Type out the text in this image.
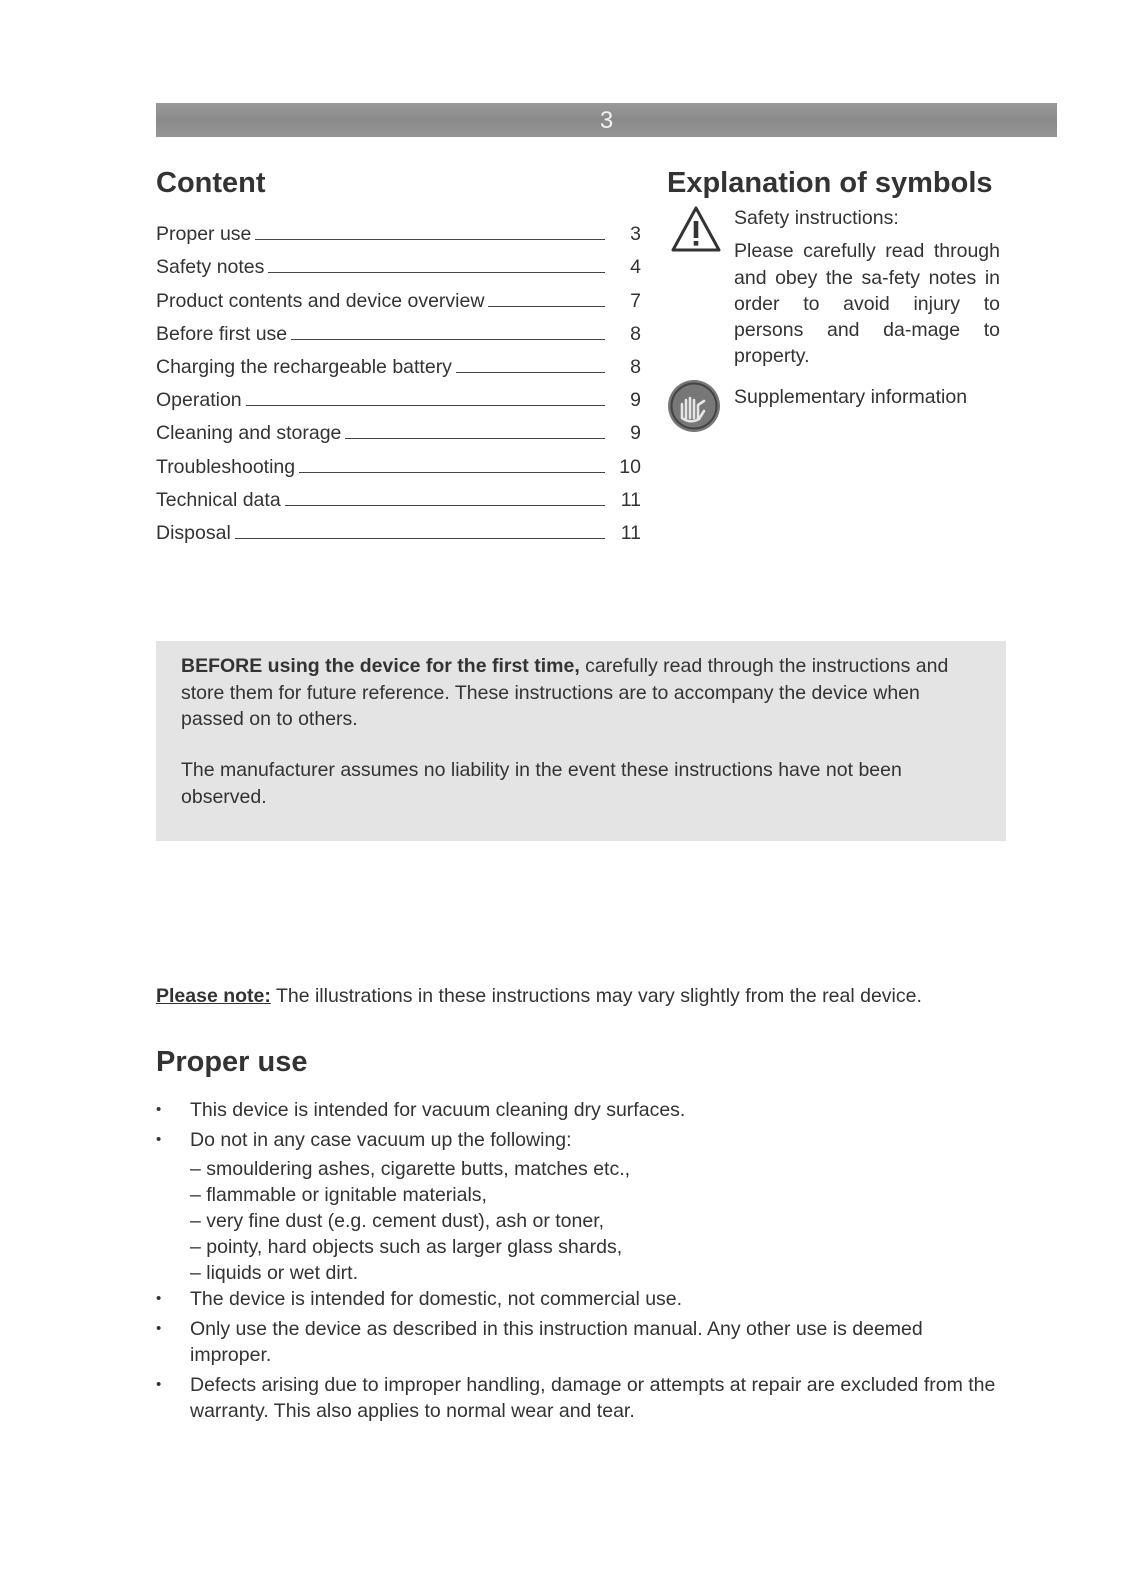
3
Content
Proper use	3
Safety notes	4
Product contents and device overview	7
Before first use	8
Charging the rechargeable battery	8
Operation	9
Cleaning and storage	9
Troubleshooting	10
Technical data	11
Disposal	11
Explanation of symbols

Safety instructions:

Please carefully read through and obey the sa-fety notes in order to avoid injury to persons and da-mage to property.

Supplementary information

BEFORE using the device for the first time, carefully read through the instructions and store them for future reference. These instructions are to accompany the device when passed on to others.

The manufacturer assumes no liability in the event these instructions have not been observed.

Please note: The illustrations in these instructions may vary slightly from the real device.
Proper use
• This device is intended for vacuum cleaning dry surfaces.
• Do not in any case vacuum up the following:
– smouldering ashes, cigarette butts, matches etc.,
– flammable or ignitable materials,
– very fine dust (e.g. cement dust), ash or toner,
– pointy, hard objects such as larger glass shards,
– liquids or wet dirt.
• The device is intended for domestic, not commercial use.
• Only use the device as described in this instruction manual. Any other use is deemed improper.
• Defects arising due to improper handling, damage or attempts at repair are excluded from the warranty. This also applies to normal wear and tear.
